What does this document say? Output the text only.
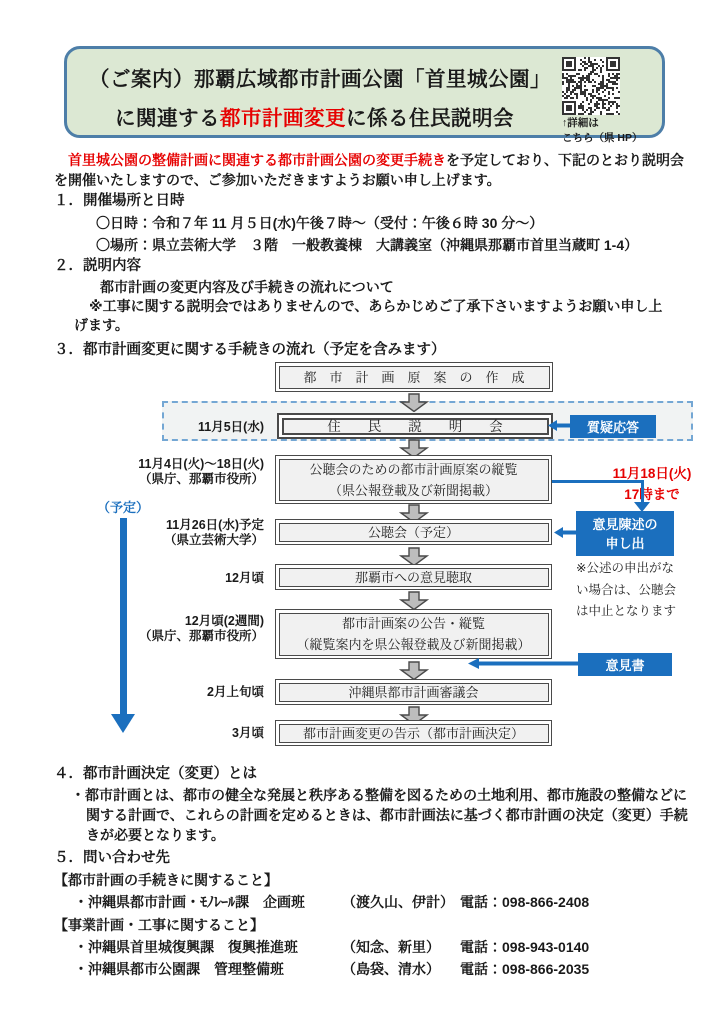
（ご案内）那覇広域都市計画公園「首里城公園」
に関連する都市計画変更に係る住民説明会	↑詳細は
こちら（県 HP）
首里城公園の整備計画に関連する都市計画公園の変更手続きを予定しており、下記のとおり説明会を開催いたしますので、ご参加いただきますようお願い申し上げます。
１．開催場所と日時
〇日時：令和７年 11 月５日(水)午後７時～（受付：午後６時 30 分～）
〇場所：県立芸術大学　３階　一般教養棟　大講義室（沖縄県那覇市首里当蔵町 1-4）
２．説明内容
都市計画の変更内容及び手続きの流れについて
※工事に関する説明会ではありませんので、あらかじめご了承下さいますようお願い申し上げます。
３．都市計画変更に関する手続きの流れ（予定を含みます）
都市計画原案の作成
11月5日(水)	住民説明会	質疑応答
11月4日(火)～18日(火)
（県庁、那覇市役所）
公聴会のための都市計画原案の縦覧
（県公報登載及び新聞掲載）
11月18日(火)
17時まで
（予定）
11月26日(水)予定
（県立芸術大学）
公聴会（予定）
意見陳述の
申し出
※公述の申出がない場合は、公聴会は中止となります
12月頃	那覇市への意見聴取
12月頃(2週間)
（県庁、那覇市役所）
都市計画案の公告・縦覧
（縦覧案内を県公報登載及び新聞掲載）
意見書
2月上旬頃	沖縄県都市計画審議会
3月頃	都市計画変更の告示（都市計画決定）
４．都市計画決定（変更）とは
・都市計画とは、都市の健全な発展と秩序ある整備を図るための土地利用、都市施設の整備などに関する計画で、これらの計画を定めるときは、都市計画法に基づく都市計画の決定（変更）手続きが必要となります。
５．問い合わせ先
【都市計画の手続きに関すること】
・沖縄県都市計画・ﾓﾉﾚｰﾙ課　企画班	（渡久山、伊計） 電話：098-866-2408
【事業計画・工事に関すること】
・沖縄県首里城復興課　復興推進班	（知念、新里）	電話：098-943-0140
・沖縄県都市公園課　管理整備班	（島袋、清水）	電話：098-866-2035
